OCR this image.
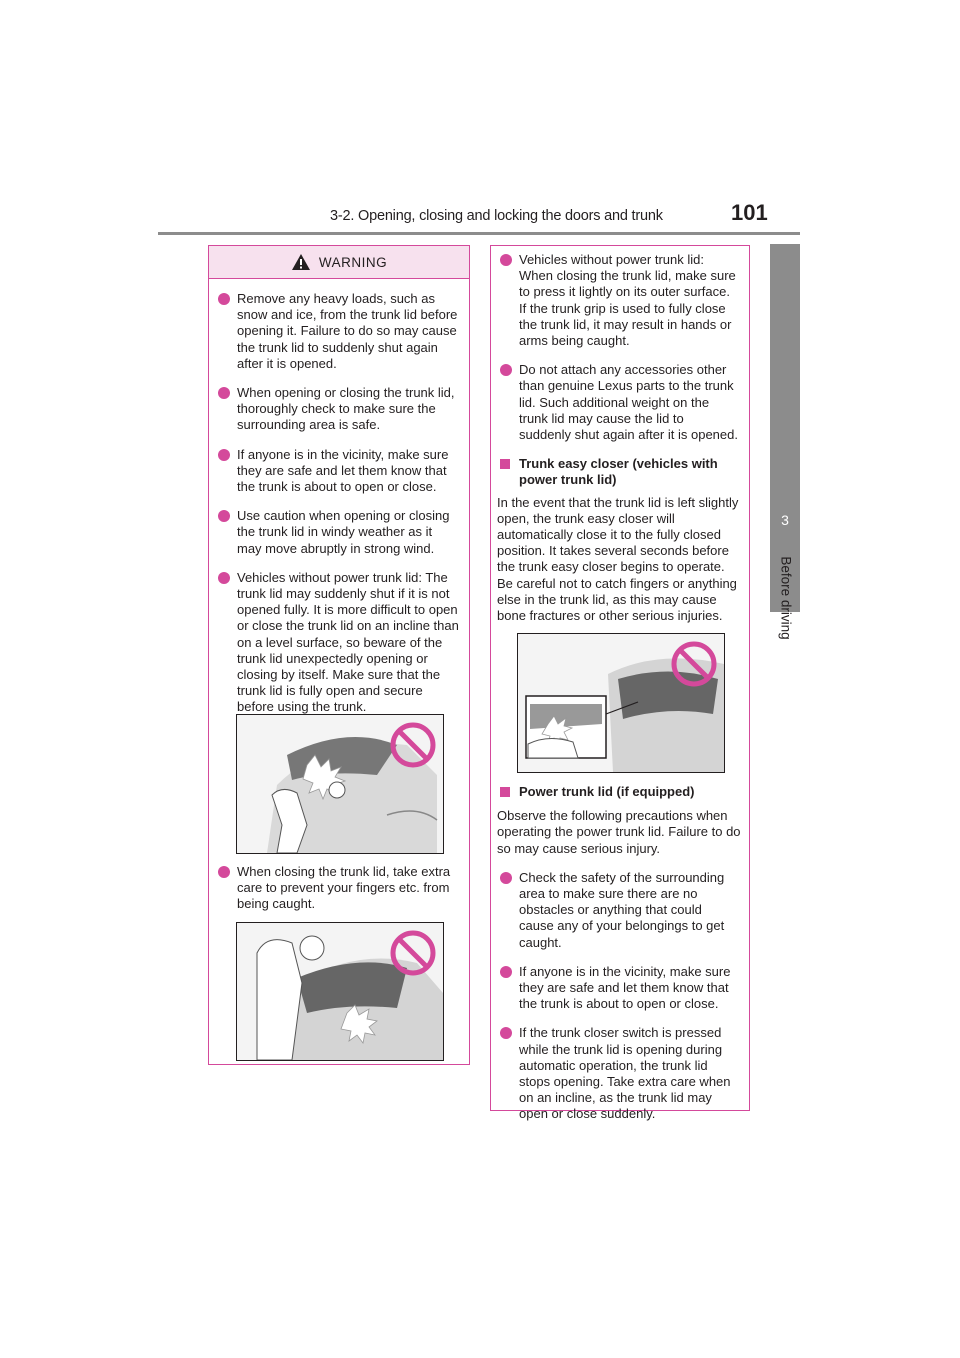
3-2. Opening, closing and locking the doors and trunk	101
3
Before driving
WARNING
Remove any heavy loads, such as snow and ice, from the trunk lid before opening it. Failure to do so may cause the trunk lid to suddenly shut again after it is opened.
When opening or closing the trunk lid, thoroughly check to make sure the surrounding area is safe.
If anyone is in the vicinity, make sure they are safe and let them know that the trunk is about to open or close.
Use caution when opening or closing the trunk lid in windy weather as it may move abruptly in strong wind.
Vehicles without power trunk lid: The trunk lid may suddenly shut if it is not opened fully. It is more difficult to open or close the trunk lid on an incline than on a level surface, so beware of the trunk lid unexpectedly opening or closing by itself. Make sure that the trunk lid is fully open and secure before using the trunk.
When closing the trunk lid, take extra care to prevent your fingers etc. from being caught.
Vehicles without power trunk lid: When closing the trunk lid, make sure to press it lightly on its outer surface. If the trunk grip is used to fully close the trunk lid, it may result in hands or arms being caught.
Do not attach any accessories other than genuine Lexus parts to the trunk lid. Such additional weight on the trunk lid may cause the lid to suddenly shut again after it is opened.
Trunk easy closer (vehicles with power trunk lid)
In the event that the trunk lid is left slightly open, the trunk easy closer will automatically close it to the fully closed position. It takes several seconds before the trunk easy closer begins to operate. Be careful not to catch fingers or anything else in the trunk lid, as this may cause bone fractures or other serious injuries.
Power trunk lid (if equipped)
Observe the following precautions when operating the power trunk lid. Failure to do so may cause serious injury.
Check the safety of the surrounding area to make sure there are no obstacles or anything that could cause any of your belongings to get caught.
If anyone is in the vicinity, make sure they are safe and let them know that the trunk is about to open or close.
If the trunk closer switch is pressed while the trunk lid is opening during automatic operation, the trunk lid stops opening. Take extra care when on an incline, as the trunk lid may open or close suddenly.
